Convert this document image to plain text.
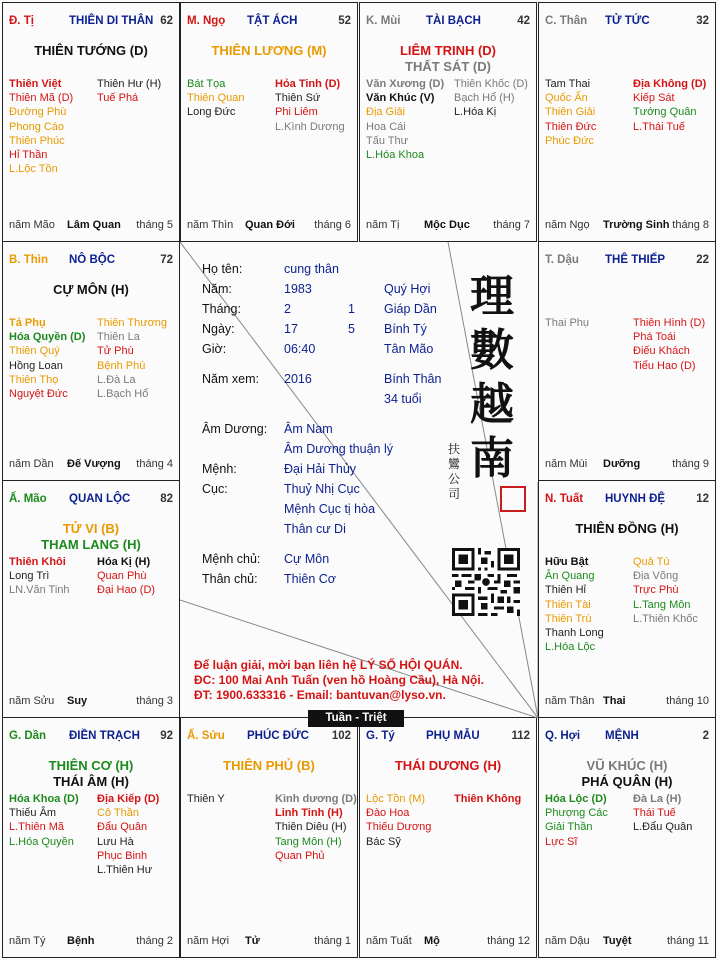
Đ. Tị	THIÊN DI THÂN 62
THIÊN TƯỚNG (D)
Thiên Việt
Thiên Mã (D)
Đường Phù
Phong Cáo
Thiên Phúc
Hỉ Thần
L.Lộc Tồn
Thiên Hư (H)
Tuế Phá
năm Mão Lâm Quan tháng 5
M. Ngọ TẬT ÁCH	52
THIÊN LƯƠNG (M)
Bát Tọa
Thiên Quan
Long Đức
Hỏa Tinh (D)
Thiên Sứ
Phi Liêm
L.Kình Dương
năm Thìn Quan Đới tháng 6
K. Mùi TÀI BẠCH	42
LIÊM TRINH (D)
THẤT SÁT (D)
Văn Xương (D)
Văn Khúc (V)
Địa Giải
Hoa Cái
Tấu Thư
L.Hóa Khoa
Thiên Khốc (D)
Bạch Hổ (H)
L.Hóa Kị
năm Tị Mộc Dục tháng 7
C. Thân TỬ TỨC	32
Tam Thai
Quốc Ấn
Thiên Giải
Thiên Đức
Phúc Đức
Địa Không (D)
Kiếp Sát
Tướng Quân
L.Thái Tuế
năm Ngọ Trường Sinh tháng 8
B. Thìn NÔ BỘC	72
CỰ MÔN (H)
Tả Phụ
Hóa Quyền (D)
Thiên Quý
Hồng Loan
Thiên Thọ
Nguyệt Đức
Thiên Thương
Thiên La
Tử Phù
Bệnh Phù
L.Đà La
L.Bạch Hổ
năm Dần Đế Vượng tháng 4
T. Dậu THÊ THIẾP	22
Thai Phụ	Thiên Hình (D)
Phá Toái
Điếu Khách
Tiểu Hao (D)
năm Mùi Dưỡng	tháng 9
Ấ. Mão QUAN LỘC	82
TỬ VI (B)
THAM LANG (H)
Thiên Khôi
Long Trì
LN.Văn Tinh
Hóa Kị (H)
Quan Phù
Đại Hao (D)
năm Sửu Suy	tháng 3
N. Tuất HUYNH ĐỆ	12
THIÊN ĐỒNG (H)
Hữu Bật
Ân Quang
Thiên Hỉ
Thiên Tài
Thiên Trù
Thanh Long
L.Hóa Lộc
Quả Tú
Địa Võng
Trực Phù
L.Tang Môn
L.Thiên Khốc
năm Thân Thai	tháng 10
G. Dần ĐIỀN TRẠCH 92
THIÊN CƠ (H)
THÁI ÂM (H)
Hóa Khoa (D)
Thiếu Âm
L.Thiên Mã
L.Hóa Quyền
Địa Kiếp (D)
Cô Thần
Đẩu Quân
Lưu Hà
Phục Binh
L.Thiên Hư
năm Tý Bệnh	tháng 2
Ấ. Sửu PHÚC ĐỨC 102
THIÊN PHỦ (B)
Thiên Y	Kình dương (D)
Linh Tinh (H)
Thiên Diêu (H)
Tang Môn (H)
Quan Phủ
năm Hợi Tử	tháng 1
G. Tý	PHỤ MẪU	112
THÁI DƯƠNG (H)
Lộc Tồn (M)
Đào Hoa
Thiếu Dương
Bác Sỹ
Thiên Không
năm Tuất Mộ	tháng 12
Q. Hợi MỆNH	2
VŨ KHÚC (H)
PHÁ QUÂN (H)
Hóa Lộc (D)
Phượng Các
Giải Thần
Lực Sĩ
Đà La (H)
Thái Tuế
L.Đẩu Quân
năm Dậu Tuyệt	tháng 11
Họ tên:	cung thân
Năm:	1983	Quý Hợi
Tháng:	2	1 Giáp Dần
Ngày:	17	5 Bính Tý
Giờ:	06:40	Tân Mão
Năm xem: 2016	Bính Thân
34 tuổi
Âm Dương: Âm Nam
Âm Dương thuận lý
Mệnh:	Đại Hải Thủy
Cục:	Thuỷ Nhị Cục
Mệnh Cục tị hòa
Thân cư Di
Mệnh chủ: Cự Môn
Thân chủ: Thiên Cơ
理
數
越
南
扶
鸞
公
司
Để luận giải, mời bạn liên hệ LÝ SỐ HỘI QUÁN.
ĐC: 100 Mai Anh Tuấn (ven hồ Hoàng Cầu), Hà Nội.
ĐT: 1900.633316 - Email: bantuvan@lyso.vn.
Tuần - Triệt
